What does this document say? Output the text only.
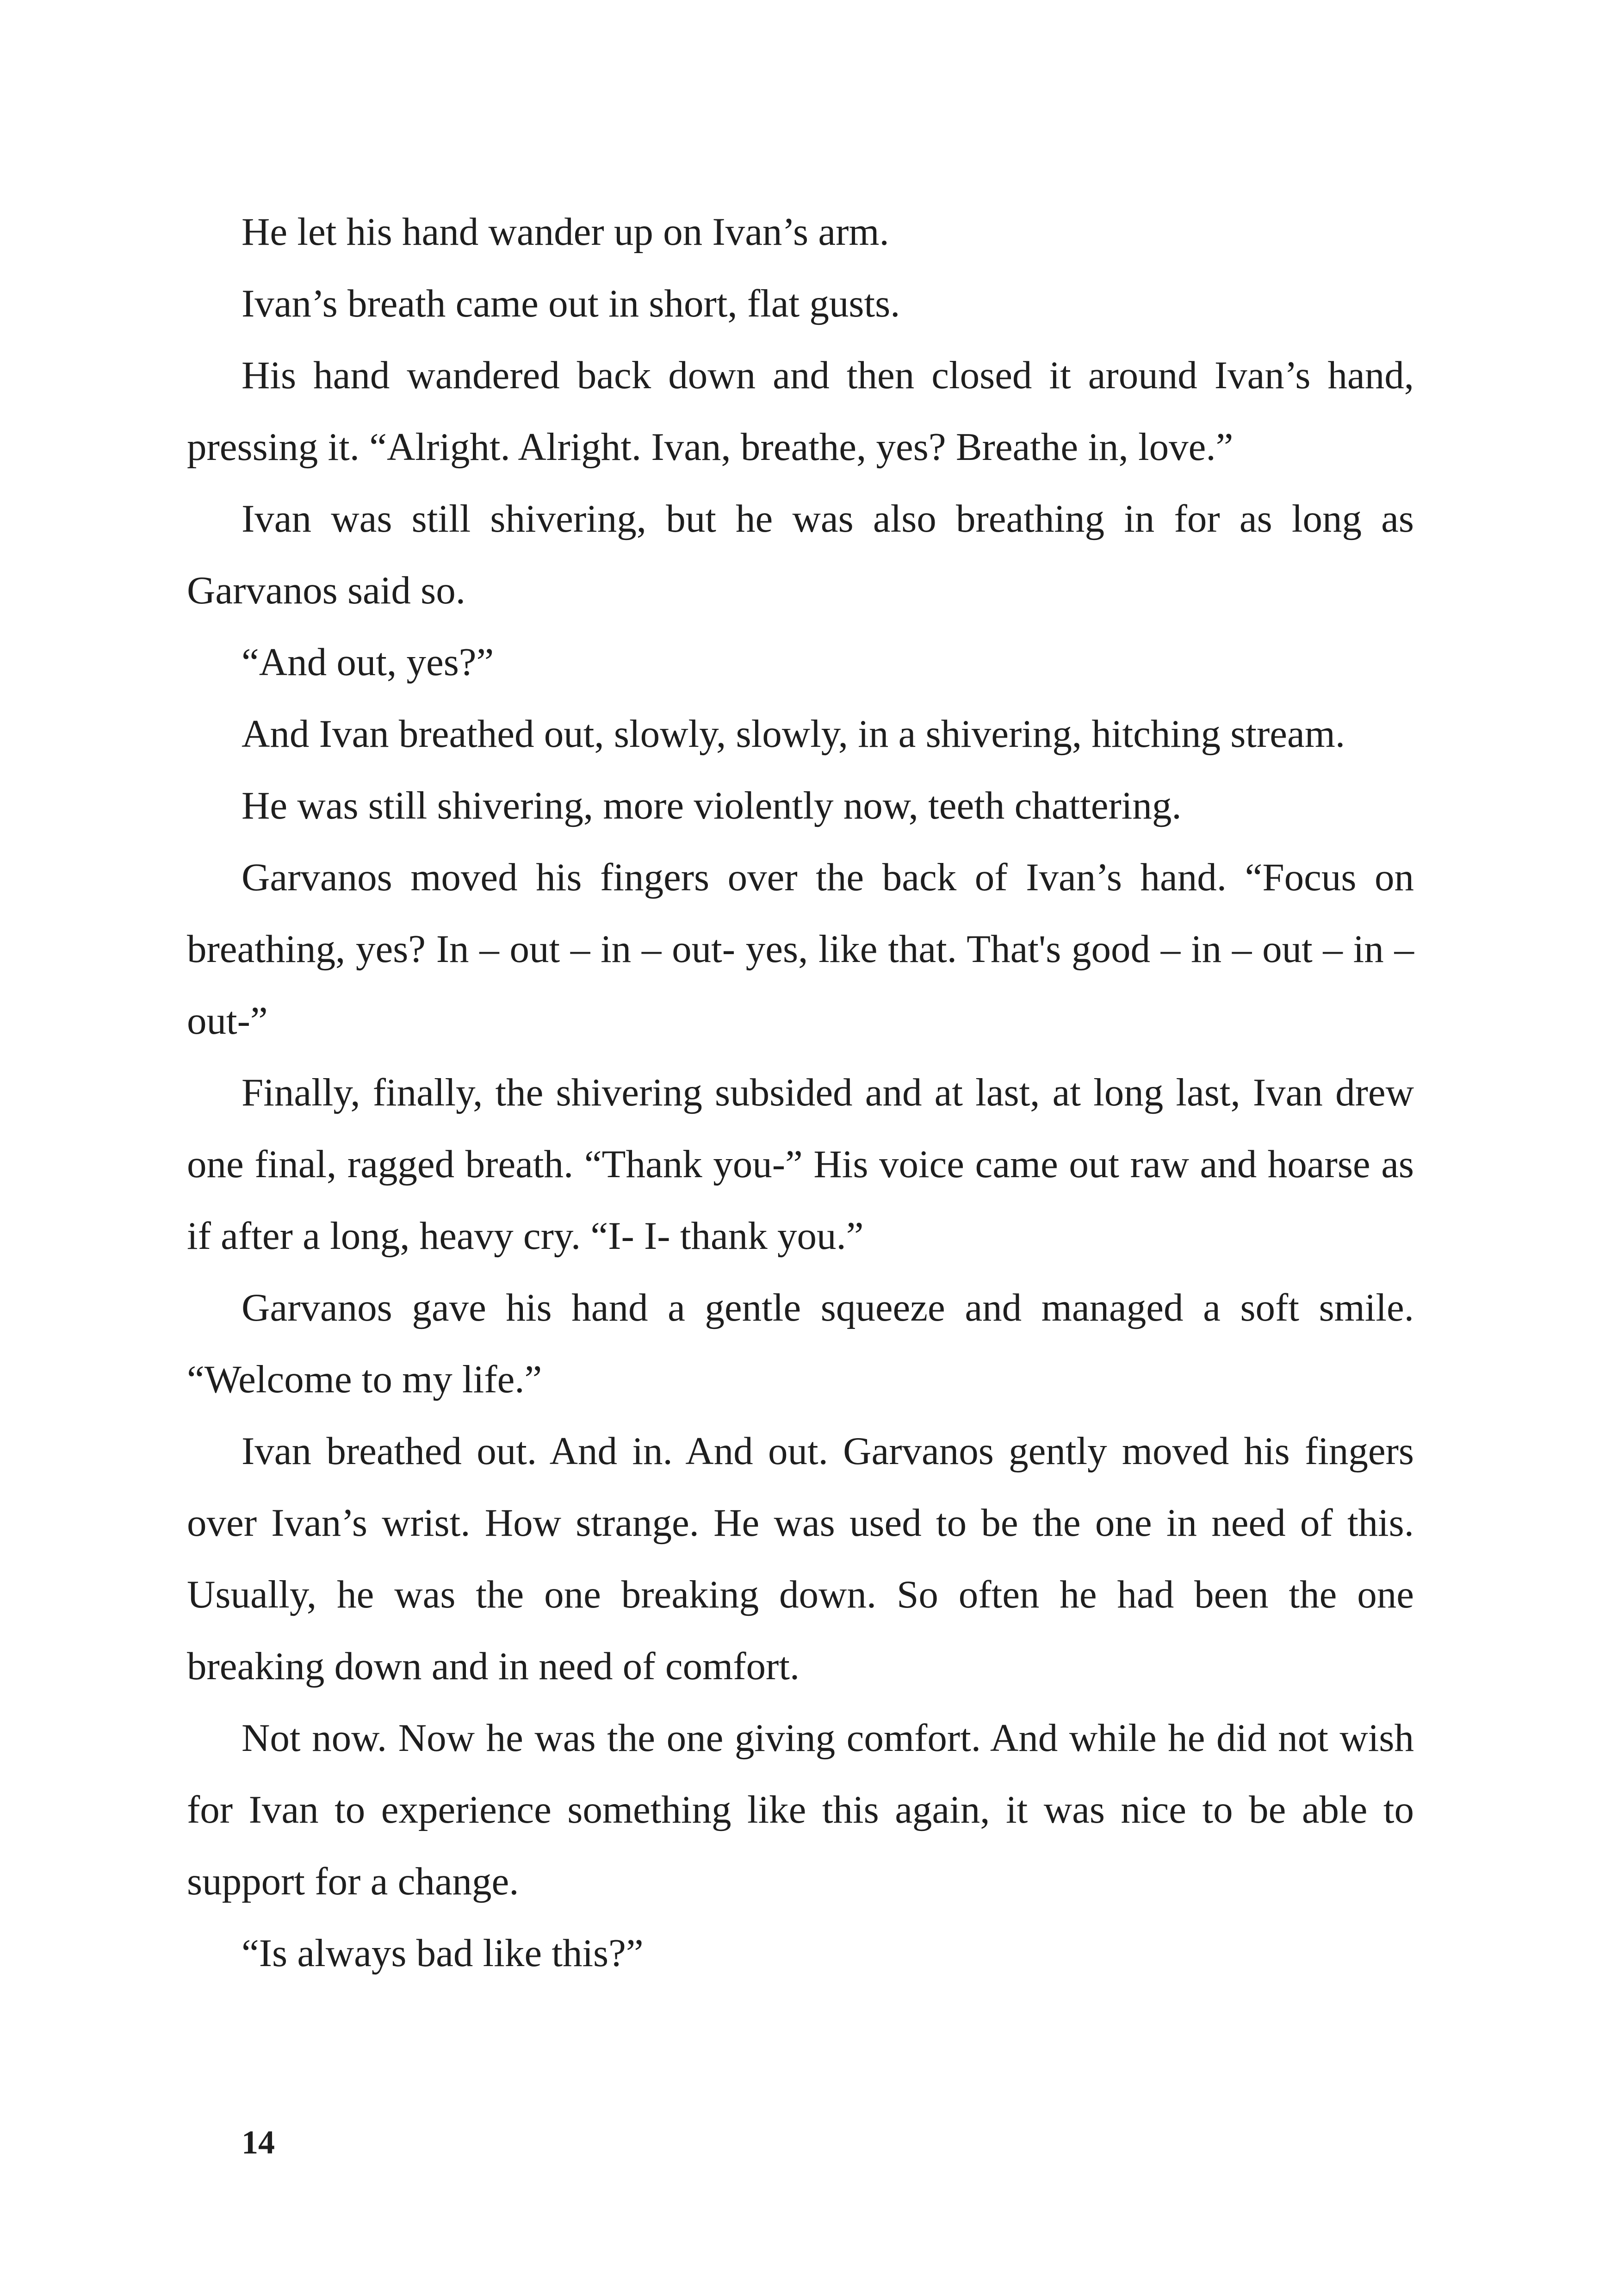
He let his hand wander up on Ivan’s arm.

Ivan’s breath came out in short, flat gusts.

His hand wandered back down and then closed it around Ivan’s hand, pressing it. “Alright. Alright. Ivan, breathe, yes? Breathe in, love.”

Ivan was still shivering, but he was also breathing in for as long as Garvanos said so.

“And out, yes?”

And Ivan breathed out, slowly, slowly, in a shivering, hitching stream.

He was still shivering, more violently now, teeth chattering.

Garvanos moved his fingers over the back of Ivan’s hand. “Focus on breathing, yes? In – out – in – out- yes, like that. That's good – in – out – in – out-”

Finally, finally, the shivering subsided and at last, at long last, Ivan drew one final, ragged breath. “Thank you-” His voice came out raw and hoarse as if after a long, heavy cry. “I- I- thank you.”

Garvanos gave his hand a gentle squeeze and managed a soft smile. “Welcome to my life.”

Ivan breathed out. And in. And out. Garvanos gently moved his fingers over Ivan’s wrist. How strange. He was used to be the one in need of this. Usually, he was the one breaking down. So often he had been the one breaking down and in need of comfort.

Not now. Now he was the one giving comfort. And while he did not wish for Ivan to experience something like this again, it was nice to be able to support for a change.

“Is always bad like this?”

14
